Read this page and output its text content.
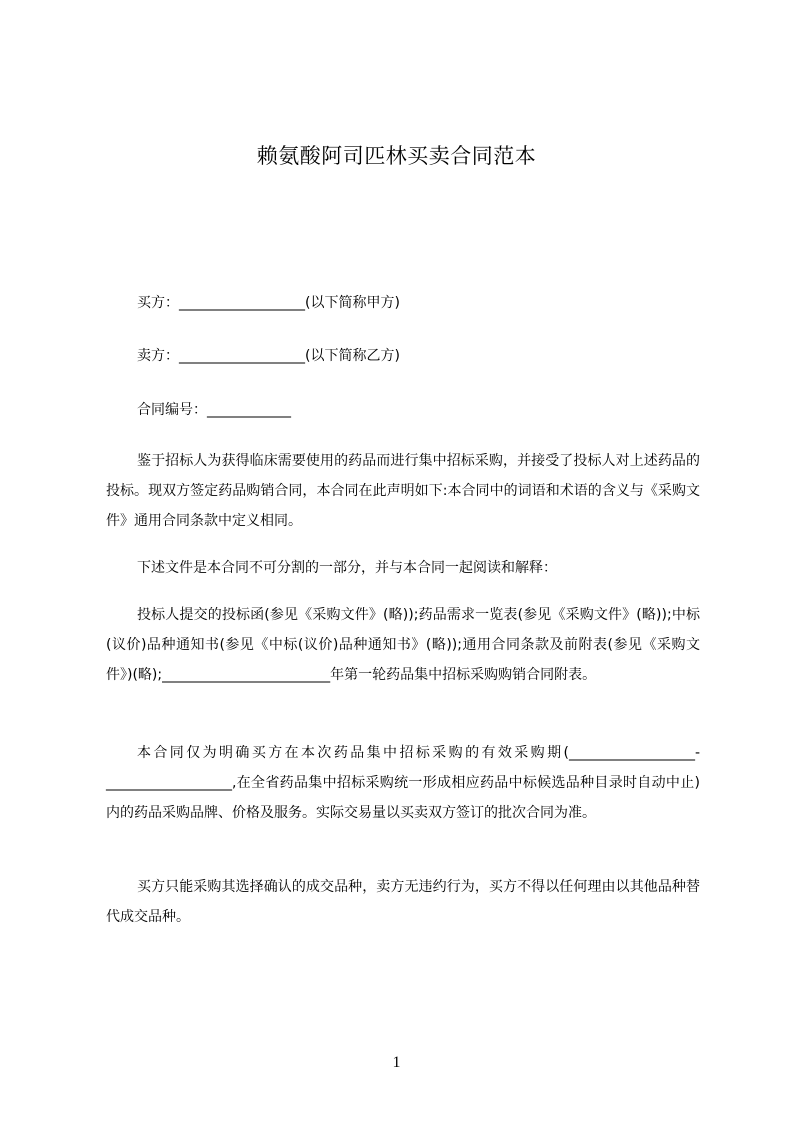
赖氨酸阿司匹林买卖合同范本
买方：__________________(以下简称甲方)
卖方：__________________(以下简称乙方)
合同编号：____________

鉴于招标人为获得临床需要使用的药品而进行集中招标采购，并接受了投标人对上述药品的投标。现双方签定药品购销合同，本合同在此声明如下:本合同中的词语和术语的含义与《采购文件》通用合同条款中定义相同。

下述文件是本合同不可分割的一部分，并与本合同一起阅读和解释：

投标人提交的投标函(参见《采购文件》(略));药品需求一览表(参见《采购文件》(略));中标(议价)品种通知书(参见《中标(议价)品种通知书》(略));通用合同条款及前附表(参见《采购文件》)(略);________________________年第一轮药品集中招标采购购销合同附表。

本合同仅为明确买方在本次药品集中招标采购的有效采购期(__________________-__________________,在全省药品集中招标采购统一形成相应药品中标候选品种目录时自动中止)内的药品采购品牌、价格及服务。实际交易量以买卖双方签订的批次合同为准。

买方只能采购其选择确认的成交品种，卖方无违约行为，买方不得以任何理由以其他品种替代成交品种。

1
